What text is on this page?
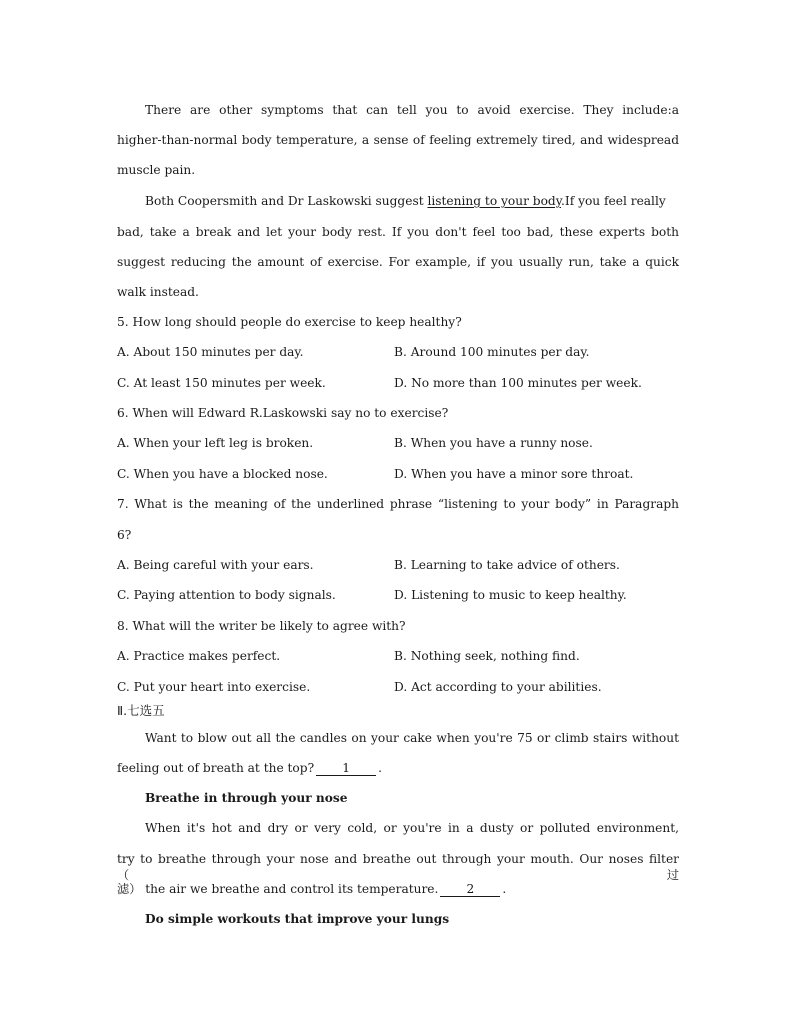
There are other symptoms that can tell you to avoid exercise. They include:a
higher-than-normal body temperature, a sense of feeling extremely tired, and widespread
muscle pain.
Both Coopersmith and Dr Laskowski suggest listening to your body.If you feel really
bad, take a break and let your body rest. If you don't feel too bad, these experts both
suggest reducing the amount of exercise. For example, if you usually run, take a quick
walk instead.
5. How long should people do exercise to keep healthy?
A. About 150 minutes per day.	B. Around 100 minutes per day.
C. At least 150 minutes per week.	D. No more than 100 minutes per week.
6. When will Edward R.Laskowski say no to exercise?
A. When your left leg is broken.	B. When you have a runny nose.
C. When you have a blocked nose.	D. When you have a minor sore throat.
7. What is the meaning of the underlined phrase “listening to your body” in Paragraph
6?
A. Being careful with your ears.	B. Learning to take advice of others.
C. Paying attention to body signals.	D. Listening to music to keep healthy.
8. What will the writer be likely to agree with?
A. Practice makes perfect.	B. Nothing seek, nothing find.
C. Put your heart into exercise.	D. Act according to your abilities.
Ⅱ.七选五
Want to blow out all the candles on your cake when you're 75 or climb stairs without
feeling out of breath at the top? 1 .
Breathe in through your nose
When it's hot and dry or very cold, or you're in a dusty or polluted environment,
try to breathe through your nose and breathe out through your mouth. Our noses filter（过
滤） the air we breathe and control its temperature. 2 .
Do simple workouts that improve your lungs
